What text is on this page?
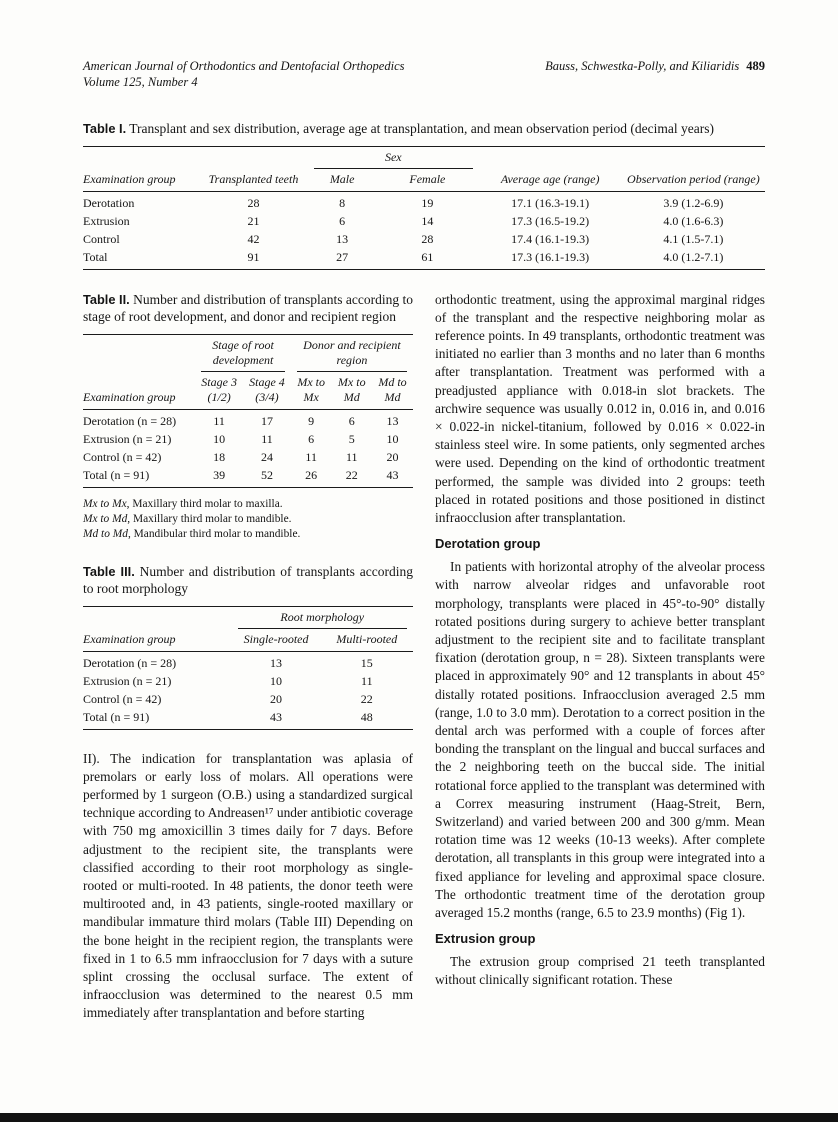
American Journal of Orthodontics and Dentofacial Orthopedics
Volume 125, Number 4
Bauss, Schwestka-Polly, and Kiliaridis 489

Table I. Transplant and sex distribution, average age at transplantation, and mean observation period (decimal years)

Examination group	Transplanted teeth	Sex		Average age (range)	Observation period (range)
		Male	Female		
Derotation	28	8	19	17.1 (16.3-19.1)	3.9 (1.2-6.9)
Extrusion	21	6	14	17.3 (16.5-19.2)	4.0 (1.6-6.3)
Control	42	13	28	17.4 (16.1-19.3)	4.1 (1.5-7.1)
Total	91	27	61	17.3 (16.1-19.3)	4.0 (1.2-7.1)

Table II. Number and distribution of transplants according to stage of root development, and donor and recipient region

Examination group	Stage of root development		Donor and recipient region		

	Stage 3 (1/2)	Stage 4 (3/4)	Mx to Mx	Mx to Md	Md to Md
Derotation (n = 28)	11	17	9	6	13
Extrusion (n = 21)	10	11	6	5	10
Control (n = 42)	18	24	11	11	20
Total (n = 91)	39	52	26	22	43
Mx to Mx, Maxillary third molar to maxilla.
Mx to Md, Maxillary third molar to mandible.
Md to Md, Mandibular third molar to mandible.

Table III. Number and distribution of transplants according to root morphology

Examination group	Root morphology	

	Single-rooted	Multi-rooted
Derotation (n = 28)	13	15
Extrusion (n = 21)	10	11
Control (n = 42)	20	22
Total (n = 91)	43	48

II). The indication for transplantation was aplasia of premolars or early loss of molars. All operations were performed by 1 surgeon (O.B.) using a standardized surgical technique according to Andreasen¹⁷ under antibiotic coverage with 750 mg amoxicillin 3 times daily for 7 days. Before adjustment to the recipient site, the transplants were classified according to their root morphology as single-rooted or multi-rooted. In 48 patients, the donor teeth were multirooted and, in 43 patients, single-rooted maxillary or mandibular immature third molars (Table III) Depending on the bone height in the recipient region, the transplants were fixed in 1 to 6.5 mm infraocclusion for 7 days with a suture splint crossing the occlusal surface. The extent of infraocclusion was determined to the nearest 0.5 mm immediately after transplantation and before starting

orthodontic treatment, using the approximal marginal ridges of the transplant and the respective neighboring molar as reference points. In 49 transplants, orthodontic treatment was initiated no earlier than 3 months and no later than 6 months after transplantation. Treatment was performed with a preadjusted appliance with 0.018-in slot brackets. The archwire sequence was usually 0.012 in, 0.016 in, and 0.016 × 0.022-in nickel-titanium, followed by 0.016 × 0.022-in stainless steel wire. In some patients, only segmented arches were used. Depending on the kind of orthodontic treatment performed, the sample was divided into 2 groups: teeth placed in rotated positions and those positioned in distinct infraocclusion after transplantation.

Derotation group

In patients with horizontal atrophy of the alveolar process with narrow alveolar ridges and unfavorable root morphology, transplants were placed in 45°-to-90° distally rotated positions during surgery to achieve better transplant adjustment to the recipient site and to facilitate transplant fixation (derotation group, n = 28). Sixteen transplants were placed in approximately 90° and 12 transplants in about 45° distally rotated positions. Infraocclusion averaged 2.5 mm (range, 1.0 to 3.0 mm). Derotation to a correct position in the dental arch was performed with a couple of forces after bonding the transplant on the lingual and buccal surfaces and the 2 neighboring teeth on the buccal side. The initial rotational force applied to the transplant was determined with a Correx measuring instrument (Haag-Streit, Bern, Switzerland) and varied between 200 and 300 g/mm. Mean rotation time was 12 weeks (10-13 weeks). After complete derotation, all transplants in this group were integrated into a fixed appliance for leveling and approximal space closure. The orthodontic treatment time of the derotation group averaged 15.2 months (range, 6.5 to 23.9 months) (Fig 1).

Extrusion group

The extrusion group comprised 21 teeth transplanted without clinically significant rotation. These
